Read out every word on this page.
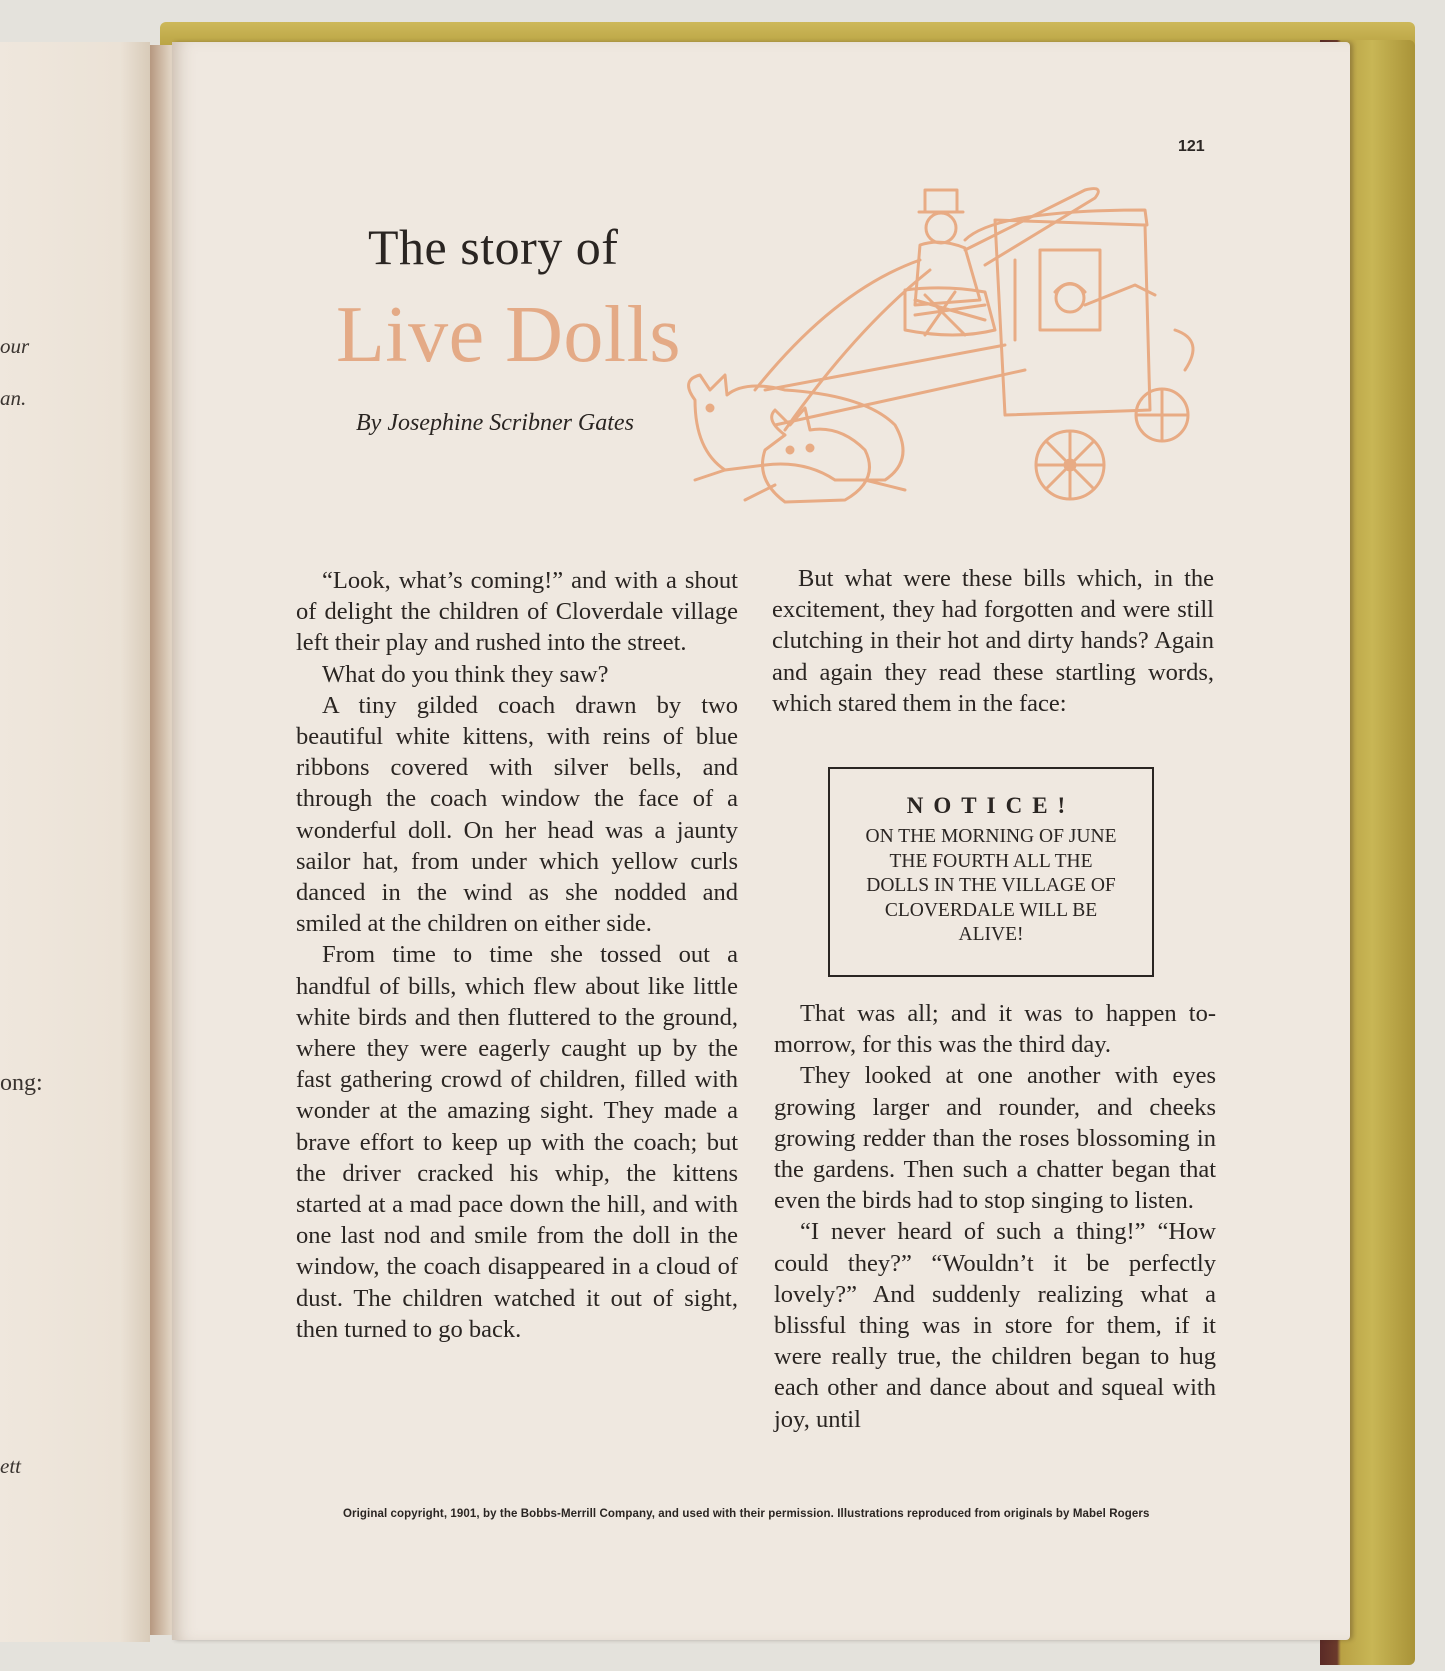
our
an.
ong:
ett
121
The story of
Live Dolls
By Josephine Scribner Gates

“Look, what’s coming!” and with a shout of delight the children of Cloverdale village left their play and rushed into the street.

What do you think they saw?

A tiny gilded coach drawn by two beautiful white kittens, with reins of blue ribbons covered with silver bells, and through the coach window the face of a wonderful doll. On her head was a jaunty sailor hat, from under which yellow curls danced in the wind as she nodded and smiled at the children on either side.

From time to time she tossed out a handful of bills, which flew about like little white birds and then fluttered to the ground, where they were eagerly caught up by the fast gathering crowd of children, filled with wonder at the amazing sight. They made a brave effort to keep up with the coach; but the driver cracked his whip, the kittens started at a mad pace down the hill, and with one last nod and smile from the doll in the window, the coach disappeared in a cloud of dust. The children watched it out of sight, then turned to go back.

But what were these bills which, in the excitement, they had forgotten and were still clutching in their hot and dirty hands? Again and again they read these startling words, which stared them in the face:

NOTICE!
ON THE MORNING OF JUNE THE FOURTH ALL THE DOLLS IN THE VILLAGE OF CLOVERDALE WILL BE ALIVE!

That was all; and it was to happen to-morrow, for this was the third day.

They looked at one another with eyes growing larger and rounder, and cheeks growing redder than the roses blossoming in the gardens. Then such a chatter began that even the birds had to stop singing to listen.

“I never heard of such a thing!” “How could they?” “Wouldn’t it be perfectly lovely?” And suddenly realizing what a blissful thing was in store for them, if it were really true, the children began to hug each other and dance about and squeal with joy, until

Original copyright, 1901, by the Bobbs-Merrill Company, and used with their permission. Illustrations reproduced from originals by Mabel Rogers
